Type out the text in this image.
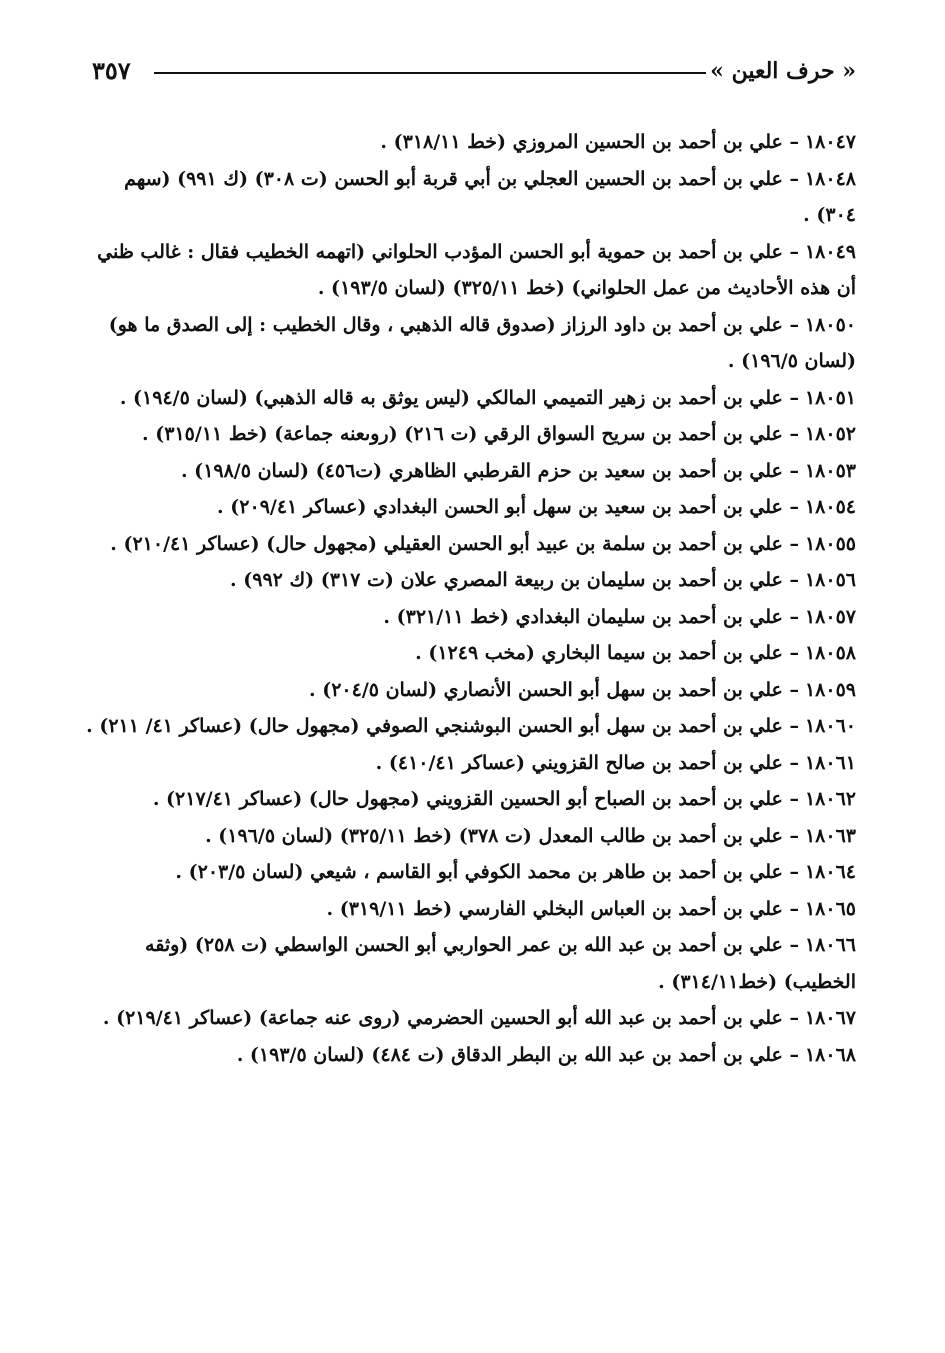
« حرف العين »
٣٥٧

١٨٠٤٧– علي بن أحمد بن الحسين المروزي (خط ٣١٨/١١) .

١٨٠٤٨– علي بن أحمد بن الحسين العجلي بن أبي قربة أبو الحسن (ت ٣٠٨) (ك ٩٩١) (سهم ٣٠٤) .

١٨٠٤٩– علي بن أحمد بن حموية أبو الحسن المؤدب الحلواني (اتهمه الخطيب فقال : غالب ظني أن هذه الأحاديث من عمل الحلواني) (خط ٣٢٥/١١) (لسان ١٩٣/٥) .

١٨٠٥٠– علي بن أحمد بن داود الرزاز (صدوق قاله الذهبي ، وقال الخطيب : إلى الصدق ما هو) (لسان ١٩٦/٥) .

١٨٠٥١– علي بن أحمد بن زهير التميمي المالكي (ليس يوثق به قاله الذهبي) (لسان ١٩٤/٥) .

١٨٠٥٢– علي بن أحمد بن سريح السواق الرقي (ت ٢١٦) (روىعنه جماعة) (خط ٣١٥/١١) .

١٨٠٥٣– علي بن أحمد بن سعيد بن حزم القرطبي الظاهري (ت٤٥٦) (لسان ١٩٨/٥) .

١٨٠٥٤– علي بن أحمد بن سعيد بن سهل أبو الحسن البغدادي (عساكر ٢٠٩/٤١) .

١٨٠٥٥– علي بن أحمد بن سلمة بن عبيد أبو الحسن العقيلي (مجهول حال) (عساكر ٢١٠/٤١) .

١٨٠٥٦– علي بن أحمد بن سليمان بن ربيعة المصري علان (ت ٣١٧) (ك ٩٩٢) .

١٨٠٥٧– علي بن أحمد بن سليمان البغدادي (خط ٣٢١/١١) .

١٨٠٥٨– علي بن أحمد بن سيما البخاري (مخب ١٢٤٩) .

١٨٠٥٩– علي بن أحمد بن سهل أبو الحسن الأنصاري (لسان ٢٠٤/٥) .

١٨٠٦٠– علي بن أحمد بن سهل أبو الحسن البوشنجي الصوفي (مجهول حال) (عساكر ٤١/ ٢١١) .

١٨٠٦١– علي بن أحمد بن صالح القزويني (عساكر ٤١٠/٤١) .

١٨٠٦٢– علي بن أحمد بن الصباح أبو الحسين القزويني (مجهول حال) (عساكر ٢١٧/٤١) .

١٨٠٦٣– علي بن أحمد بن طالب المعدل (ت ٣٧٨) (خط ٣٢٥/١١) (لسان ١٩٦/٥) .

١٨٠٦٤– علي بن أحمد بن طاهر بن محمد الكوفي أبو القاسم ، شيعي (لسان ٢٠٣/٥) .

١٨٠٦٥– علي بن أحمد بن العباس البخلي الفارسي (خط ٣١٩/١١) .

١٨٠٦٦– علي بن أحمد بن عبد الله بن عمر الحواربي أبو الحسن الواسطي (ت ٢٥٨) (وثقه الخطيب) (خط٣١٤/١١) .

١٨٠٦٧– علي بن أحمد بن عبد الله أبو الحسين الحضرمي (روى عنه جماعة) (عساكر ٢١٩/٤١) .

١٨٠٦٨– علي بن أحمد بن عبد الله بن البطر الدقاق (ت ٤٨٤) (لسان ١٩٣/٥) .
